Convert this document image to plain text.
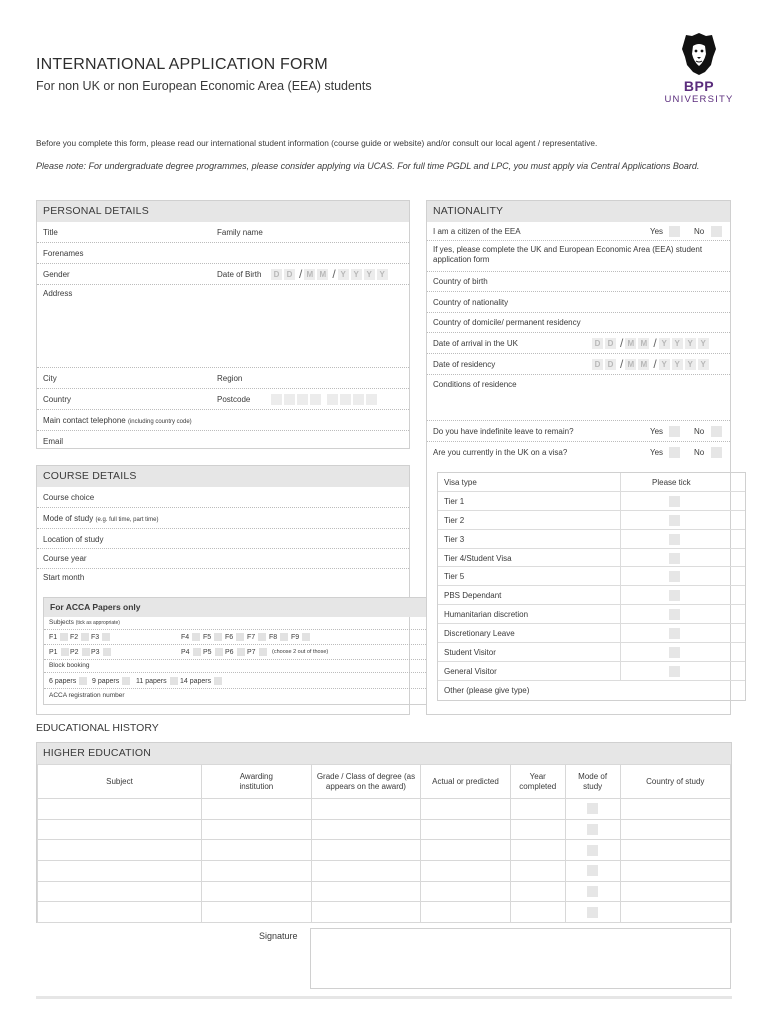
INTERNATIONAL APPLICATION FORM
For non UK or non European Economic Area (EEA) students	BPP
UNIVERSITY
Before you complete this form, please read our international student information (course guide or website) and/or consult our local agent / representative.
Please note: For undergraduate degree programmes, please consider applying via UCAS. For full time PGDL and LPC, you must apply via Central Applications Board.
PERSONAL DETAILS
Title	Family name
Forenames
Gender	Date of Birth	D D / M M / Y Y Y Y
Address
City	Region
Country	Postcode
Main contact telephone (including country code)
Email
COURSE DETAILS
Course choice
Mode of study (e.g. full time, part time)
Location of study
Course year
Start month
For ACCA Papers only
Subjects (tick as appropriate)
F1 F2 F3	F4 F5 F6 F7 F8 F9
P1 P2 P3	P4 P5 P6 P7	(choose 2 out of those)
Block booking
6 papers 9 papers 11 papers 14 papers
ACCA registration number
NATIONALITY
I am a citizen of the EEA	Yes	No
If yes, please complete the UK and European Economic Area (EEA) student application form
Country of birth
Country of nationality
Country of domicile/ permanent residency
Date of arrival in the UK	D D / M M / Y Y Y Y
Date of residency	D D / M M / Y Y Y Y
Conditions of residence
Do you have indefinite leave to remain?	Yes	No
Are you currently in the UK on a visa?	Yes	No
Visa type	Please tick
Tier 1
Tier 2
Tier 3
Tier 4/Student Visa
Tier 5
PBS Dependant
Humanitarian discretion
Discretionary Leave
Student Visitor
General Visitor
Other (please give type)
EDUCATIONAL HISTORY
HIGHER EDUCATION
Subject	Awarding institution	Grade / Class of degree (as appears on the award)	Actual or predicted	Year completed	Mode of study	Country of study

Signature
